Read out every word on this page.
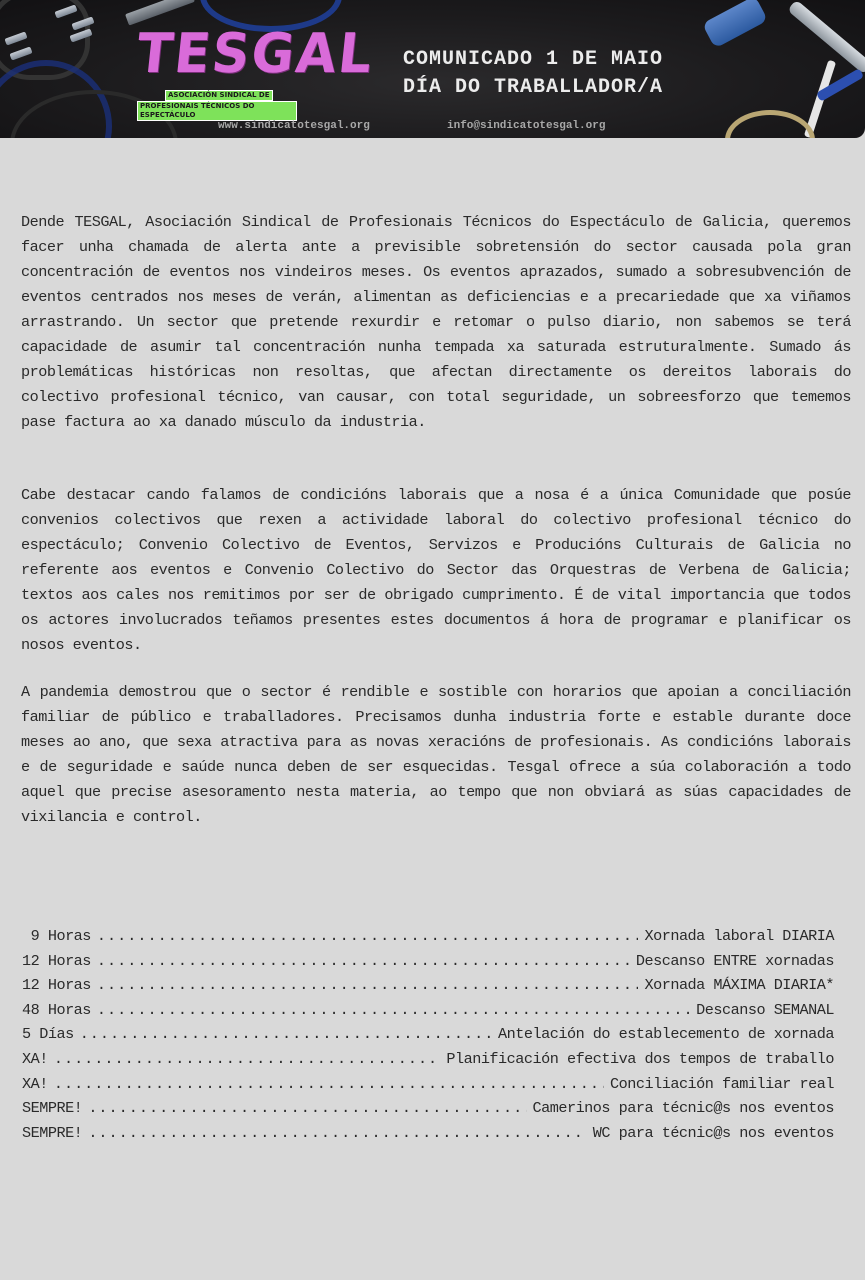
TESGAL
ASOCIACIÓN SINDICAL DE
PROFESIONAIS TÉCNICOS DO ESPECTÁCULO
COMUNICADO 1 DE MAIO
DÍA DO TRABALLADOR/A
www.sindicatotesgal.org	info@sindicatotesgal.org

Dende TESGAL, Asociación Sindical de Profesionais Técnicos do Espectáculo de Galicia, queremos facer unha chamada de alerta ante a previsible sobretensión do sector causada pola gran concentración de eventos nos vindeiros meses. Os eventos aprazados, sumado a sobresubvención de eventos centrados nos meses de verán, alimentan as deficiencias e a precariedade que xa viñamos arrastrando. Un sector que pretende rexurdir e retomar o pulso diario, non sabemos se terá capacidade de asumir tal concentración nunha tempada xa saturada estruturalmente. Sumado ás problemáticas históricas non resoltas, que afectan directamente os dereitos laborais do colectivo profesional técnico, van causar, con total seguridade, un sobreesforzo que tememos pase factura ao xa danado músculo da industria.

Cabe destacar cando falamos de condicións laborais que a nosa é a única Comunidade que posúe convenios colectivos que rexen a actividade laboral do colectivo profesional técnico do espectáculo; Convenio Colectivo de Eventos, Servizos e Producións Culturais de Galicia no referente aos eventos e Convenio Colectivo do Sector das Orquestras de Verbena de Galicia; textos aos cales nos remitimos por ser de obrigado cumprimento. É de vital importancia que todos os actores involucrados teñamos presentes estes documentos á hora de programar e planificar os nosos eventos.

A pandemia demostrou que o sector é rendible e sostible con horarios que apoian a conciliación familiar de público e traballadores. Precisamos dunha industria forte e estable durante doce meses ao ano, que sexa atractiva para as novas xeracións de profesionais. As condicións laborais e de seguridade e saúde nunca deben de ser esquecidas. Tesgal ofrece a súa colaboración a todo aquel que precise asesoramento nesta materia, ao tempo que non obviará as súas capacidades de vixilancia e control.

9 Horas .....	Xornada laboral DIARIA
12 Horas .....	Descanso ENTRE xornadas
12 Horas .....	Xornada MÁXIMA DIARIA*
48 Horas .....	Descanso SEMANAL
5 Días .....	Antelación do establecemento de xornada
XA! .....	Planificación efectiva dos tempos de traballo
XA! .....	Conciliación familiar real
SEMPRE! .....	Camerinos para técnic@s nos eventos
SEMPRE! .....	WC para técnic@s nos eventos
